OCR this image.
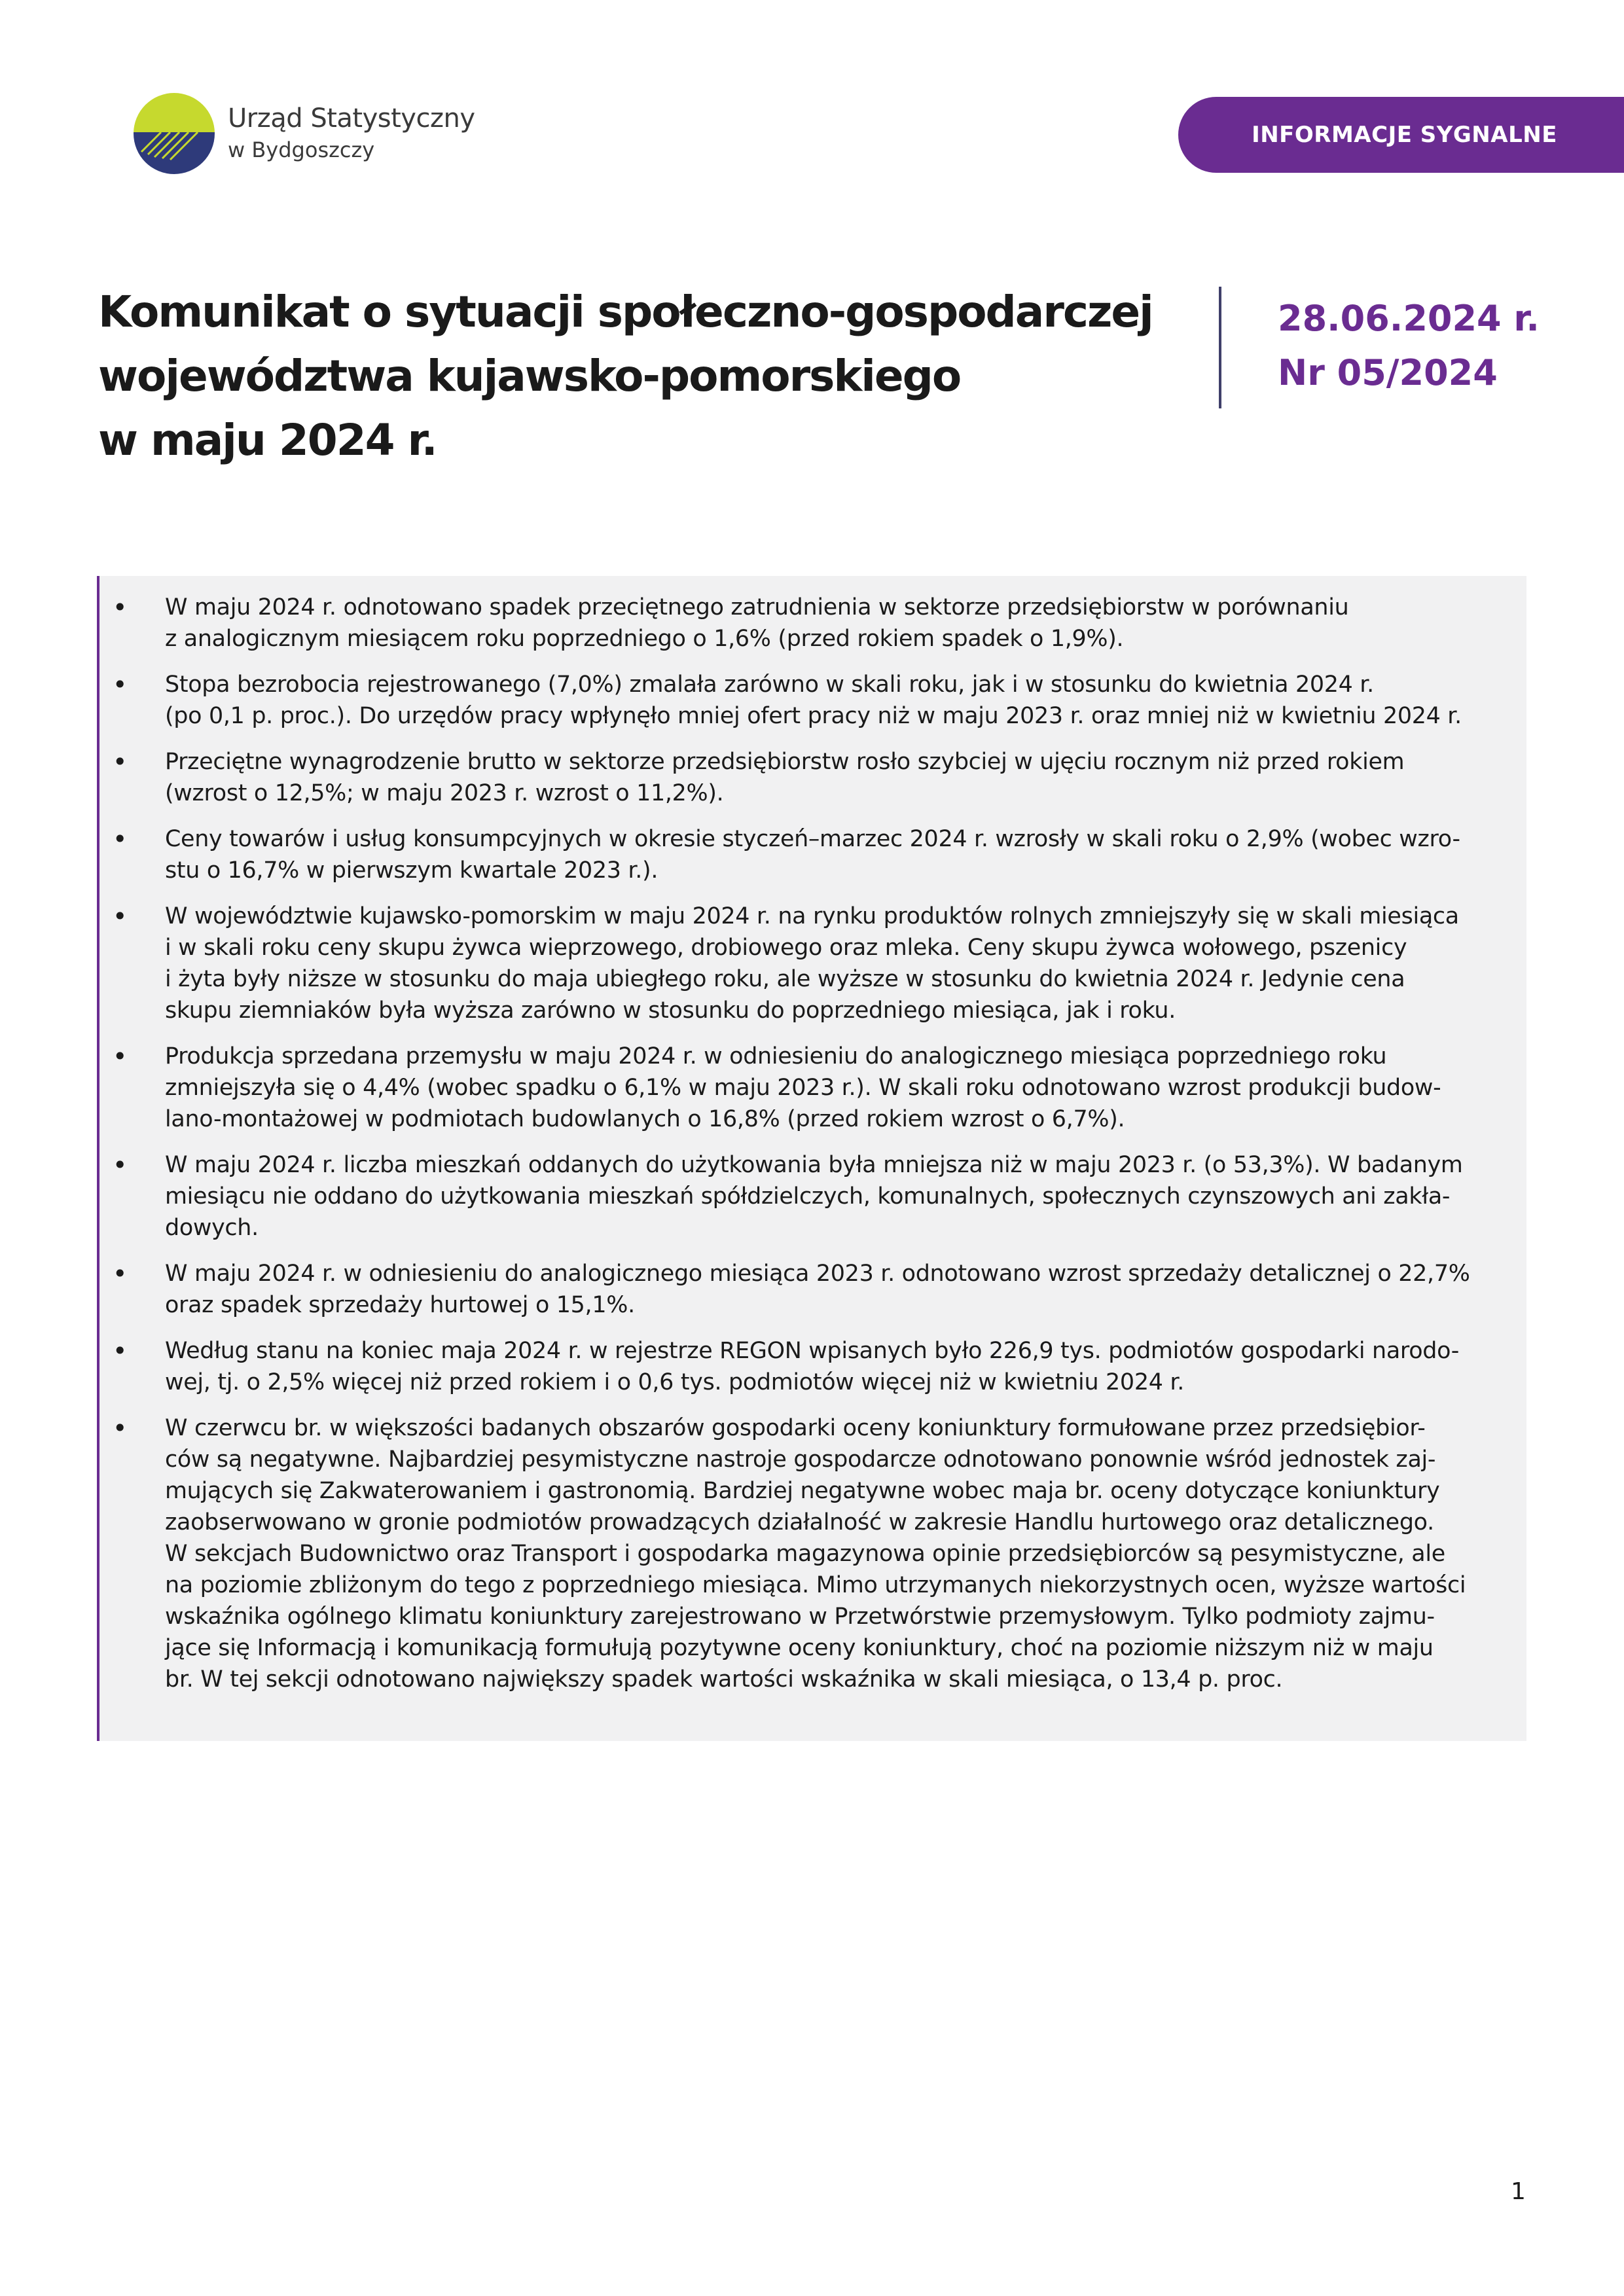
Urząd Statystyczny
w Bydgoszczy
INFORMACJE SYGNALNE
Komunikat o sytuacji społeczno-gospodarczej
województwa kujawsko-pomorskiego
w maju 2024 r.
28.06.2024 r.
Nr 05/2024
• W maju 2024 r. odnotowano spadek przeciętnego zatrudnienia w sektorze przedsiębiorstw w porównaniu
z analogicznym miesiącem roku poprzedniego o 1,6% (przed rokiem spadek o 1,9%).
• Stopa bezrobocia rejestrowanego (7,0%) zmalała zarówno w skali roku, jak i w stosunku do kwietnia 2024 r.
(po 0,1 p. proc.). Do urzędów pracy wpłynęło mniej ofert pracy niż w maju 2023 r. oraz mniej niż w kwietniu 2024 r.
• Przeciętne wynagrodzenie brutto w sektorze przedsiębiorstw rosło szybciej w ujęciu rocznym niż przed rokiem
(wzrost o 12,5%; w maju 2023 r. wzrost o 11,2%).
• Ceny towarów i usług konsumpcyjnych w okresie styczeń–marzec 2024 r. wzrosły w skali roku o 2,9% (wobec wzro-
stu o 16,7% w pierwszym kwartale 2023 r.).
• W województwie kujawsko-pomorskim w maju 2024 r. na rynku produktów rolnych zmniejszyły się w skali miesiąca
i w skali roku ceny skupu żywca wieprzowego, drobiowego oraz mleka. Ceny skupu żywca wołowego, pszenicy
i żyta były niższe w stosunku do maja ubiegłego roku, ale wyższe w stosunku do kwietnia 2024 r. Jedynie cena
skupu ziemniaków była wyższa zarówno w stosunku do poprzedniego miesiąca, jak i roku.
• Produkcja sprzedana przemysłu w maju 2024 r. w odniesieniu do analogicznego miesiąca poprzedniego roku
zmniejszyła się o 4,4% (wobec spadku o 6,1% w maju 2023 r.). W skali roku odnotowano wzrost produkcji budow-
lano-montażowej w podmiotach budowlanych o 16,8% (przed rokiem wzrost o 6,7%).
• W maju 2024 r. liczba mieszkań oddanych do użytkowania była mniejsza niż w maju 2023 r. (o 53,3%). W badanym
miesiącu nie oddano do użytkowania mieszkań spółdzielczych, komunalnych, społecznych czynszowych ani zakła-
dowych.
• W maju 2024 r. w odniesieniu do analogicznego miesiąca 2023 r. odnotowano wzrost sprzedaży detalicznej o 22,7%
oraz spadek sprzedaży hurtowej o 15,1%.
• Według stanu na koniec maja 2024 r. w rejestrze REGON wpisanych było 226,9 tys. podmiotów gospodarki narodo-
wej, tj. o 2,5% więcej niż przed rokiem i o 0,6 tys. podmiotów więcej niż w kwietniu 2024 r.
• W czerwcu br. w większości badanych obszarów gospodarki oceny koniunktury formułowane przez przedsiębior-
ców są negatywne. Najbardziej pesymistyczne nastroje gospodarcze odnotowano ponownie wśród jednostek zaj-
mujących się Zakwaterowaniem i gastronomią. Bardziej negatywne wobec maja br. oceny dotyczące koniunktury
zaobserwowano w gronie podmiotów prowadzących działalność w zakresie Handlu hurtowego oraz detalicznego.
W sekcjach Budownictwo oraz Transport i gospodarka magazynowa opinie przedsiębiorców są pesymistyczne, ale
na poziomie zbliżonym do tego z poprzedniego miesiąca. Mimo utrzymanych niekorzystnych ocen, wyższe wartości
wskaźnika ogólnego klimatu koniunktury zarejestrowano w Przetwórstwie przemysłowym. Tylko podmioty zajmu-
jące się Informacją i komunikacją formułują pozytywne oceny koniunktury, choć na poziomie niższym niż w maju
br. W tej sekcji odnotowano największy spadek wartości wskaźnika w skali miesiąca, o 13,4 p. proc.
1
